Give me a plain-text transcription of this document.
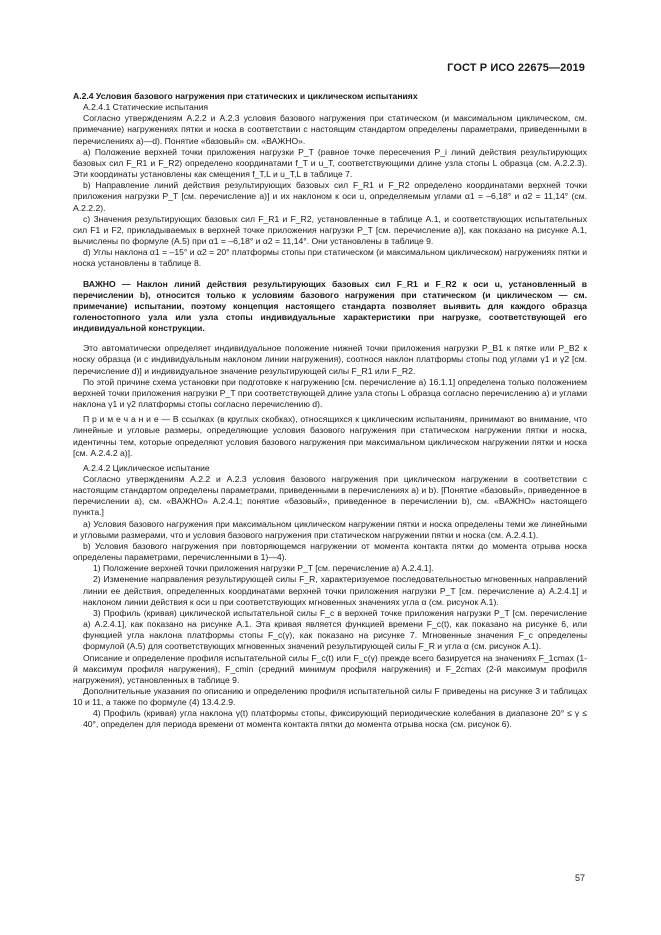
ГОСТ Р ИСО 22675—2019

A.2.4 Условия базового нагружения при статических и циклическом испытаниях

A.2.4.1 Статические испытания

Согласно утверждениям A.2.2 и A.2.3 условия базового нагружения при статическом (и максимальном циклическом, см. примечание) нагружениях пятки и носка в соответствии с настоящим стандартом определены параметрами, приведенными в перечислениях а)—d). Понятие «базовый» см. «ВАЖНО».

а) Положение верхней точки приложения нагрузки P_T (равное точке пересечения P_i линий действия результирующих базовых сил F_R1 и F_R2) определено координатами f_T и u_T, соответствующими длине узла стопы L образца (см. A.2.2.3). Эти координаты установлены как смещения f_T,L и u_T,L в таблице 7.

b) Направление линий действия результирующих базовых сил F_R1 и F_R2 определено координатами верхней точки приложения нагрузки P_T [см. перечисление а)] и их наклоном к оси u, определяемым углами α1 = –6,18° и α2 = 11,14° (см. A.2.2.2).

c) Значения результирующих базовых сил F_R1 и F_R2, установленные в таблице A.1, и соответствующих испытательных сил F1 и F2, прикладываемых в верхней точке приложения нагрузки P_T [см. перечисление а)], как показано на рисунке A.1, вычислены по формуле (A.5) при α1 = –6,18° и α2 = 11,14°. Они установлены в таблице 9.

d) Углы наклона α1 = –15° и α2 = 20° платформы стопы при статическом (и максимальном циклическом) нагружениях пятки и носка установлены в таблице 8.

ВАЖНО — Наклон линий действия результирующих базовых сил F_R1 и F_R2 к оси u, установленный в перечислении b), относится только к условиям базового нагружения при статическом (и циклическом — см. примечание) испытании, поэтому концепция настоящего стандарта позволяет выявить для каждого образца голеностопного узла или узла стопы индивидуальные характеристики при нагрузке, соответствующей его индивидуальной конструкции.

Это автоматически определяет индивидуальное положение нижней точки приложения нагрузки P_B1 к пятке или P_B2 к носку образца (и с индивидуальным наклоном линии нагружения), соотнося наклон платформы стопы под углами γ1 и γ2 [см. перечисление d)] и индивидуальное значение результирующей силы F_R1 или F_R2.

По этой причине схема установки при подготовке к нагружению [см. перечисление а) 16.1.1] определена только положением верхней точки приложения нагрузки P_T при соответствующей длине узла стопы L образца согласно перечислению а) и углами наклона γ1 и γ2 платформы стопы согласно перечислению d).

П р и м е ч а н и е — В ссылках (в круглых скобках), относящихся к циклическим испытаниям, принимают во внимание, что линейные и угловые размеры, определяющие условия базового нагружения при статическом нагружении пятки и носка, идентичны тем, которые определяют условия базового нагружения при максимальном циклическом нагружении пятки и носка [см. A.2.4.2 а)].

A.2.4.2 Циклическое испытание

Согласно утверждениям A.2.2 и A.2.3 условия базового нагружения при циклическом нагружении в соответствии с настоящим стандартом определены параметрами, приведенными в перечислениях а) и b). [Понятие «базовый», приведенное в перечислении а), см. «ВАЖНО» A.2.4.1; понятие «базовый», приведенное в перечислении b), см. «ВАЖНО» настоящего пункта.]

а) Условия базового нагружения при максимальном циклическом нагружении пятки и носка определены теми же линейными и угловыми размерами, что и условия базового нагружения при статическом нагружении пятки и носка (см. A.2.4.1).

b) Условия базового нагружения при повторяющемся нагружении от момента контакта пятки до момента отрыва носка определены параметрами, перечисленными в 1)—4).

1) Положение верхней точки приложения нагрузки P_T [см. перечисление а) A.2.4.1].

2) Изменение направления результирующей силы F_R, характеризуемое последовательностью мгновенных направлений линии ее действия, определенных координатами верхней точки приложения нагрузки P_T [см. перечисление а) A.2.4.1] и наклоном линии действия к оси u при соответствующих мгновенных значениях угла α (см. рисунок A.1).

3) Профиль (кривая) циклической испытательной силы F_c в верхней точке приложения нагрузки P_T [см. перечисление а) A.2.4.1], как показано на рисунке A.1. Эта кривая является функцией времени F_c(t), как показано на рисунке 6, или функцией угла наклона платформы стопы F_c(γ), как показано на рисунке 7. Мгновенные значения F_c определены формулой (A.5) для соответствующих мгновенных значений результирующей силы F_R и угла α (см. рисунок A.1).

Описание и определение профиля испытательной силы F_c(t) или F_c(γ) прежде всего базируется на значениях F_1cmax (1-й максимум профиля нагружения), F_cmin (средний минимум профиля нагружения) и F_2cmax (2-й максимум профиля нагружения), установленных в таблице 9.

Дополнительные указания по описанию и определению профиля испытательной силы F приведены на рисунке 3 и таблицах 10 и 11, а также по формуле (4) 13.4.2.9.

4) Профиль (кривая) угла наклона γ(t) платформы стопы, фиксирующий периодические колебания в диапазоне 20° ≤ γ ≤ 40°, определен для периода времени от момента контакта пятки до момента отрыва носка (см. рисунок 6).

57
